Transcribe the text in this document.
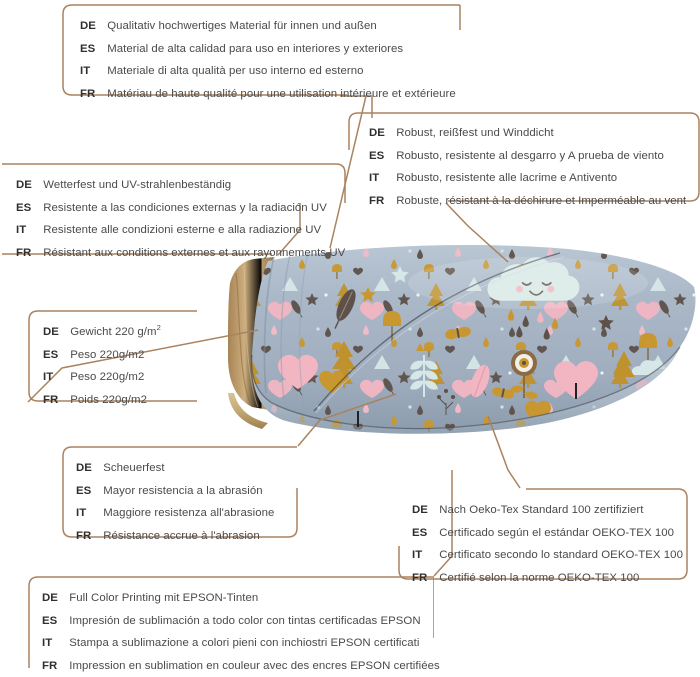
DE Qualitativ hochwertiges Material für innen und außen
ES Material de alta calidad para uso en interiores y exteriores
IT Materiale di alta qualità per uso interno ed esterno
FR Matériau de haute qualité pour une utilisation intérieure et extérieure
DE Robust, reißfest und Winddicht
ES Robusto, resistente al desgarro y A prueba de viento
IT Robusto, resistente alle lacrime e Antivento
FR Robuste, résistant à la déchirure et Imperméable au vent
DE Wetterfest und UV-strahlenbeständig
ES Resistente a las condiciones externas y la radiación UV
IT Resistente alle condizioni esterne e alla radiazione UV
FR Résistant aux conditions externes et aux rayonnements UV
DE Gewicht 220 $g/m^2$
ES Peso 220g/m2
IT Peso 220g/m2
FR Poids 220g/m2
DE Scheuerfest
ES Mayor resistencia a la abrasión
IT Maggiore resistenza all'abrasione
FR Résistance accrue à l'abrasion
DE Nach Oeko-Tex Standard 100 zertifiziert
ES Certificado según el estándar OEKO-TEX 100
IT Certificato secondo lo standard OEKO-TEX 100
FR Certifié selon la norme OEKO-TEX 100
DE Full Color Printing mit EPSON-Tinten
ES Impresión de sublimación a todo color con tintas certificadas EPSON
IT Stampa a sublimazione a colori pieni con inchiostri EPSON certificati
FR Impression en sublimation en couleur avec des encres EPSON certifiées
